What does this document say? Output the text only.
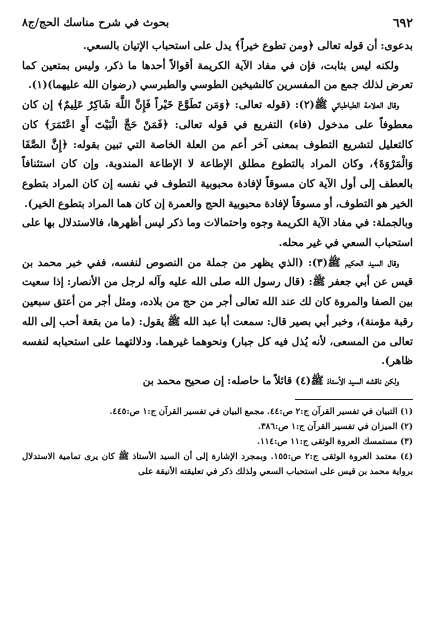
٦٩٢
بحوث في شرح مناسك الحج/ج٨

بدعوى: أن قوله تعالى ﴿ومن تطوع خيراً﴾ يدل على استحباب الإتيان بالسعي.

ولكنه ليس بثابت، فإن في مفاد الآية الكريمة أقوالاً أحدها ما ذكر، وليس بمتعين كما تعرض لذلك جمع من المفسرين كالشيخين الطوسي والطبرسي (رضوان الله عليهما)(١).

وقال العلامة الطباطبائي ﷺ(٢): (قوله تعالى: ﴿وَمَن تَطَوَّعَ خَيْراً فَإِنَّ اللَّهَ شَاكِرٌ عَلِيمٌ﴾ إن كان معطوفاً على مدخول (فاء) التفريع في قوله تعالى: ﴿فَمَنْ حَجَّ الْبَيْتَ أَوِ اعْتَمَرَ﴾ كان كالتعليل لتشريع التطوف بمعنى آخر أعم من العلة الخاصة التي تبين بقوله: ﴿إِنَّ الصَّفَا وَالْمَرْوَةَ﴾، وكان المراد بالتطوع مطلق الإطاعة لا الإطاعة المندوبة. وإن كان استئنافاً بالعطف إلى أول الآية كان مسوقاً لإفادة محبوبية التطوف في نفسه إن كان المراد بتطوع الخير هو التطوف، أو مسوقاً لإفادة محبوبية الحج والعمرة إن كان هما المراد بتطوع الخير).

وبالجملة: في مفاد الآية الكريمة وجوه واحتمالات وما ذكر ليس أظهرها، فالاستدلال بها على استحباب السعي في غير محله.

وقال السيد الحكيم ﷺ(٣): (الذي يظهر من جملة من النصوص لنفسه، ففي خبر محمد بن قيس عن أبي جعفر ﷺ: (قال رسول الله صلى الله عليه وآله لرجل من الأنصار: إذا سعيت بين الصفا والمروة كان لك عند الله تعالى أجر من حج من بلاده، ومثل أجر من أعتق سبعين رقبة مؤمنة)، وخبر أبي بصير قال: سمعت أبا عبد الله ﷺ يقول: (ما من بقعة أحب إلى الله تعالى من المسعى، لأنه يُذل فيه كل جبار) ونحوهما غيرهما. ودلالتهما على استحبابه لنفسه ظاهر).

ولكن ناقشه السيد الأستاذ ﷺ(٤) قائلاً ما حاصله: إن صحيح محمد بن

(١) التبيان في تفسير القرآن ج:٢ ص:٤٤. مجمع البيان في تفسير القرآن ج:١ ص:٤٤٥.

(٢) الميزان في تفسير القرآن ج:١ ص:٣٨٦.

(٣) مستمسك العروة الوثقى ج:١١ ص:١١٤.

(٤) معتمد العروة الوثقى ج:٢ ص:١٥٥. وبمجرد الإشارة إلى أن السيد الأستاذ ﷺ كان يرى تمامية الاستدلال برواية محمد بن قيس على استحباب السعي ولذلك ذكر في تعليقته الأنيقة على
